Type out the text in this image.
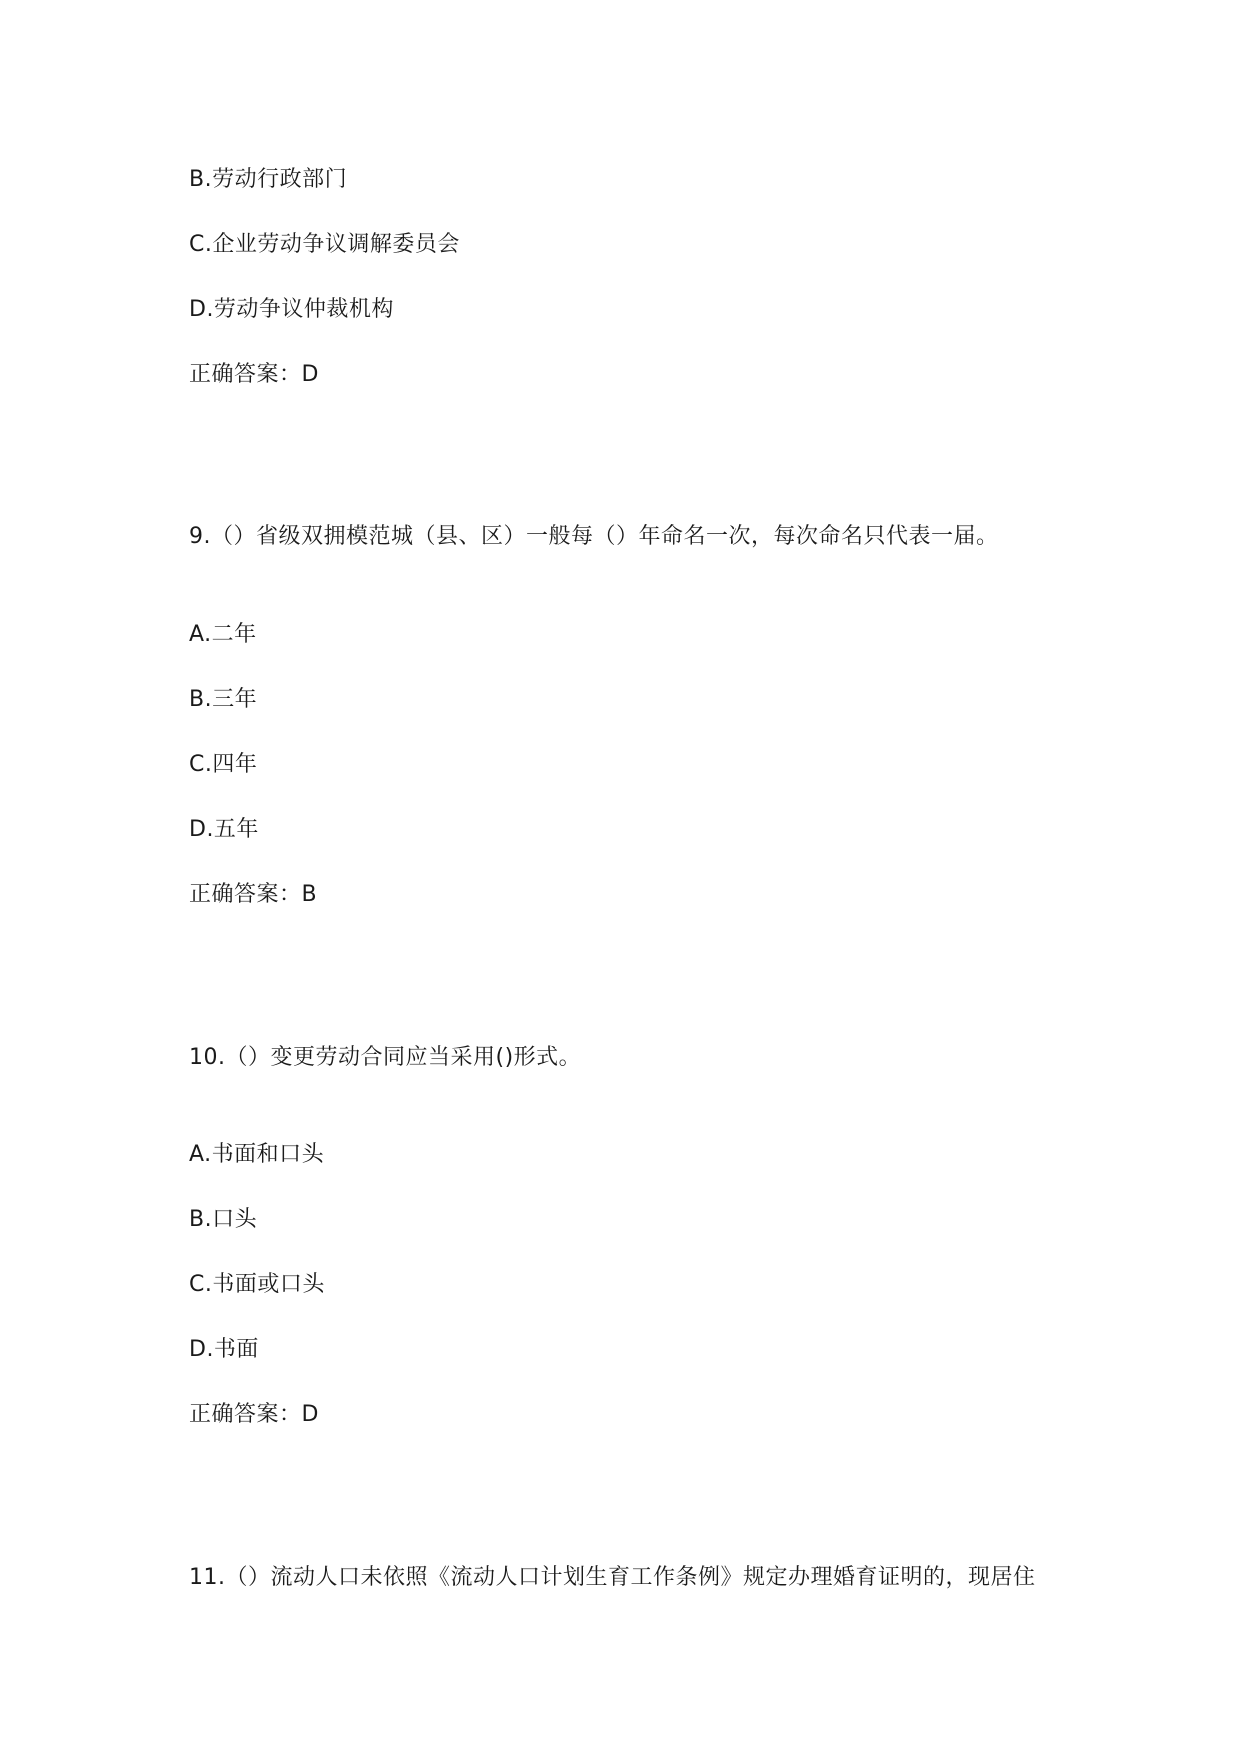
B.劳动行政部门
C.企业劳动争议调解委员会
D.劳动争议仲裁机构
正确答案：D
9.（）省级双拥模范城（县、区）一般每（）年命名一次，每次命名只代表一届。
A.二年
B.三年
C.四年
D.五年
正确答案：B
10.（）变更劳动合同应当采用()形式。
A.书面和口头
B.口头
C.书面或口头
D.书面
正确答案：D
11.（）流动人口未依照《流动人口计划生育工作条例》规定办理婚育证明的，现居住
